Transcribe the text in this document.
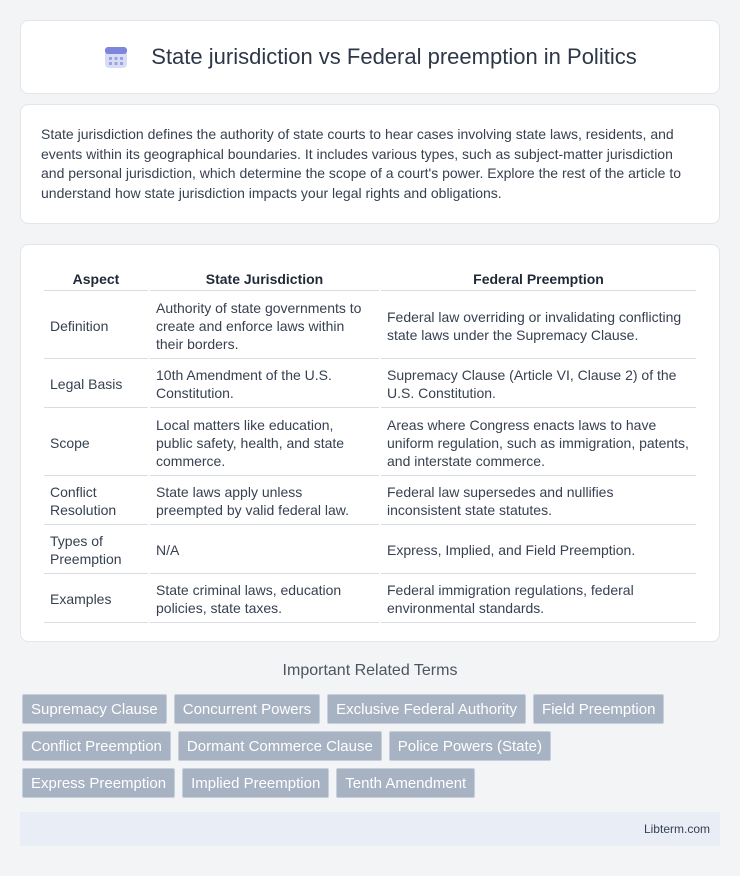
State jurisdiction vs Federal preemption in Politics

State jurisdiction defines the authority of state courts to hear cases involving state laws, residents, and events within its geographical boundaries. It includes various types, such as subject-matter jurisdiction and personal jurisdiction, which determine the scope of a court's power. Explore the rest of the article to understand how state jurisdiction impacts your legal rights and obligations.

Aspect	State Jurisdiction	Federal Preemption
Definition	Authority of state governments to create and enforce laws within their borders.	Federal law overriding or invalidating conflicting state laws under the Supremacy Clause.
Legal Basis	10th Amendment of the U.S. Constitution.	Supremacy Clause (Article VI, Clause 2) of the U.S. Constitution.
Scope	Local matters like education, public safety, health, and state commerce.	Areas where Congress enacts laws to have uniform regulation, such as immigration, patents, and interstate commerce.
Conflict Resolution	State laws apply unless preempted by valid federal law.	Federal law supersedes and nullifies inconsistent state statutes.
Types of Preemption	N/A	Express, Implied, and Field Preemption.
Examples	State criminal laws, education policies, state taxes.	Federal immigration regulations, federal environmental standards.
Important Related Terms
Supremacy Clause	Concurrent Powers	Exclusive Federal Authority	Field Preemption
Conflict Preemption	Dormant Commerce Clause	Police Powers (State)
Express Preemption	Implied Preemption	Tenth Amendment
Libterm.com
